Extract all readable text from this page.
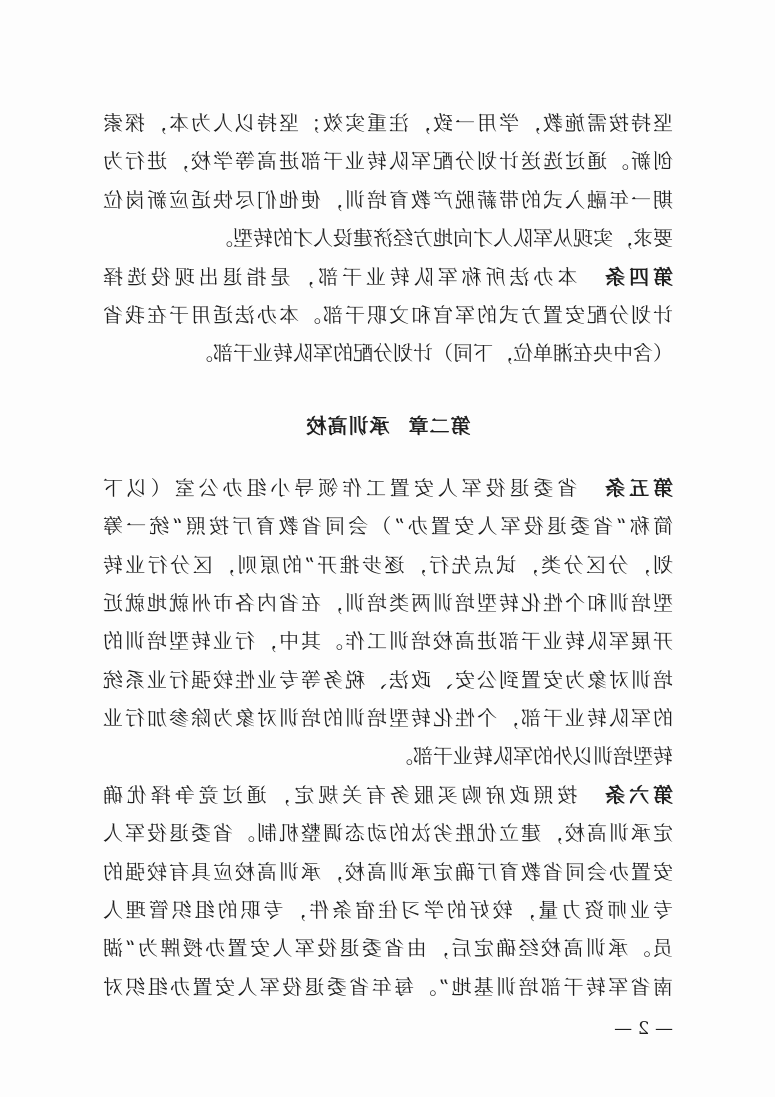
坚持按需施教，学用一致，注重实效；坚持以人为本，探索
创新。通过选送计划分配军队转业干部进高等学校，进行为
期一年融入式的带薪脱产教育培训，使他们尽快适应新岗位
要求，实现从军队人才向地方经济建设人才的转型。
第四条　本办法所称军队转业干部，是指退出现役选择
计划分配安置方式的军官和文职干部。本办法适用于在我省
（含中央在湘单位，下同）计划分配的军队转业干部。
第二章承训高校
第五条　省委退役军人安置工作领导小组办公室（以下
简称“省委退役军人安置办”）会同省教育厅按照“统一筹
划，分区分类，试点先行，逐步推开”的原则，区分行业转
型培训和个性化转型培训两类培训，在省内各市州就地就近
开展军队转业干部进高校培训工作。其中，行业转型培训的
培训对象为安置到公安、政法、税务等专业性较强行业系统
的军队转业干部，个性化转型培训的培训对象为除参加行业
转型培训以外的军队转业干部。
第六条　按照政府购买服务有关规定，通过竞争择优确
定承训高校，建立优胜劣汰的动态调整机制。省委退役军人
安置办会同省教育厅确定承训高校，承训高校应具有较强的
专业师资力量，较好的学习住宿条件，专职的组织管理人
员。承训高校经确定后，由省委退役军人安置办授牌为“湖
南省军转干部培训基地”。每年省委退役军人安置办组织对
— 2 —
